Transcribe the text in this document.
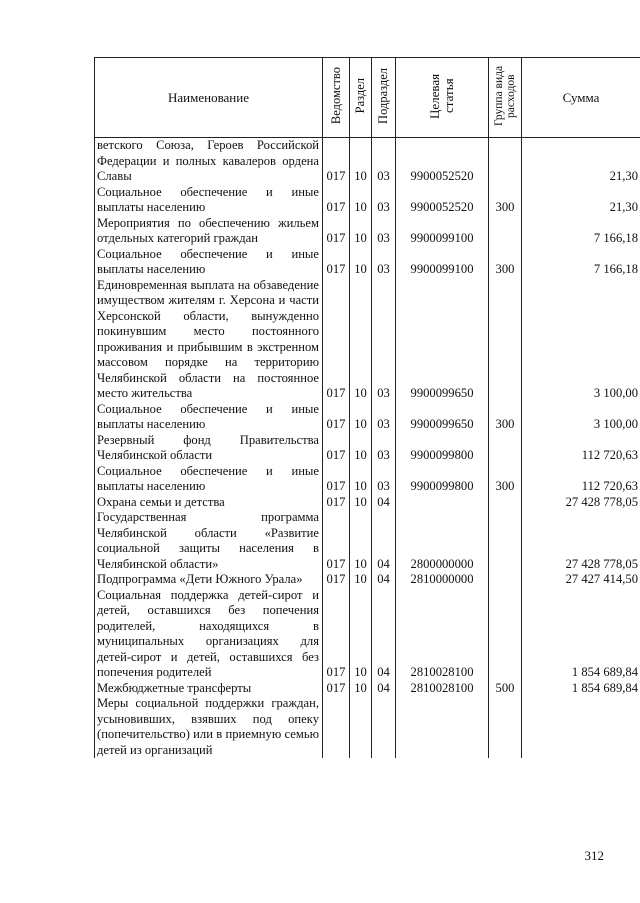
Наименование	Ведомство	Раздел	Подраздел	Целевая статья	Группа вида расходов	Сумма
ветского Союза, Героев Российской Федерации и полных кавалеров ордена Славы	017	10	03	9900052520		21,30
Социальное обеспечение и иные выплаты населению	017	10	03	9900052520	300	21,30
Мероприятия по обеспечению жильем отдельных категорий граждан	017	10	03	9900099100		7 166,18
Социальное обеспечение и иные выплаты населению	017	10	03	9900099100	300	7 166,18
Единовременная выплата на обзаведение имуществом жителям г. Херсона и части Херсонской области, вынужденно покинувшим место постоянного проживания и прибывшим в экстренном массовом порядке на территорию Челябинской области на постоянное место жительства	017	10	03	9900099650		3 100,00
Социальное обеспечение и иные выплаты населению	017	10	03	9900099650	300	3 100,00
Резервный фонд Правительства Челябинской области	017	10	03	9900099800		112 720,63
Социальное обеспечение и иные выплаты населению	017	10	03	9900099800	300	112 720,63
Охрана семьи и детства	017	10	04			27 428 778,05
Государственная программа Челябинской области «Развитие социальной защиты населения в Челябинской области»	017	10	04	2800000000		27 428 778,05
Подпрограмма «Дети Южного Урала»	017	10	04	2810000000		27 427 414,50
Социальная поддержка детей-сирот и детей, оставшихся без попечения родителей, находящихся в муниципальных организациях для детей-сирот и детей, оставшихся без попечения родителей	017	10	04	2810028100		1 854 689,84
Межбюджетные трансферты	017	10	04	2810028100	500	1 854 689,84
Меры социальной поддержки граждан, усыновивших, взявших под опеку (попечительство) или в приемную семью детей из организаций						
312
